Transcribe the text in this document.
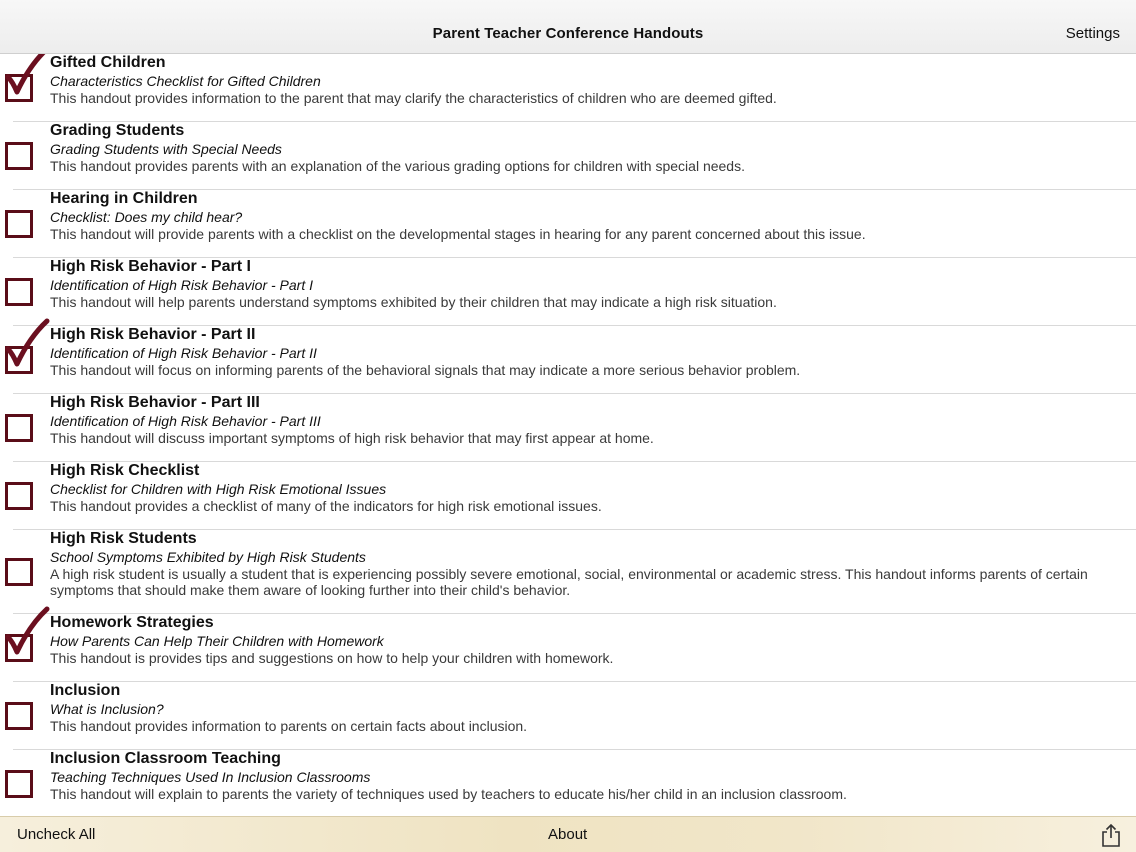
Parent Teacher Conference Handouts	Settings
Gifted Children
Characteristics Checklist for Gifted Children
This handout provides information to the parent that may clarify the characteristics of children who are deemed gifted.
Grading Students
Grading Students with Special Needs
This handout provides parents with an explanation of the various grading options for children with special needs.
Hearing in Children
Checklist: Does my child hear?
This handout will provide parents with a checklist on the developmental stages in hearing for any parent concerned about this issue.
High Risk Behavior - Part I
Identification of High Risk Behavior - Part I
This handout will help parents understand symptoms exhibited by their children that may indicate a high risk situation.
High Risk Behavior - Part II
Identification of High Risk Behavior - Part II
This handout will focus on informing parents of the behavioral signals that may indicate a more serious behavior problem.
High Risk Behavior - Part III
Identification of High Risk Behavior - Part III
This handout will discuss important symptoms of high risk behavior that may first appear at home.
High Risk Checklist
Checklist for Children with High Risk Emotional Issues
This handout provides a checklist of many of the indicators for high risk emotional issues.
High Risk Students
School Symptoms Exhibited by High Risk Students
A high risk student is usually a student that is experiencing possibly severe emotional, social, environmental or academic stress. This handout informs parents of certain symptoms that should make them aware of looking further into their child's behavior.
Homework Strategies
How Parents Can Help Their Children with Homework
This handout is provides tips and suggestions on how to help your children with homework.
Inclusion
What is Inclusion?
This handout provides information to parents on certain facts about inclusion.
Inclusion Classroom Teaching
Teaching Techniques Used In Inclusion Classrooms
This handout will explain to parents the variety of techniques used by teachers to educate his/her child in an inclusion classroom.
Uncheck All	About
